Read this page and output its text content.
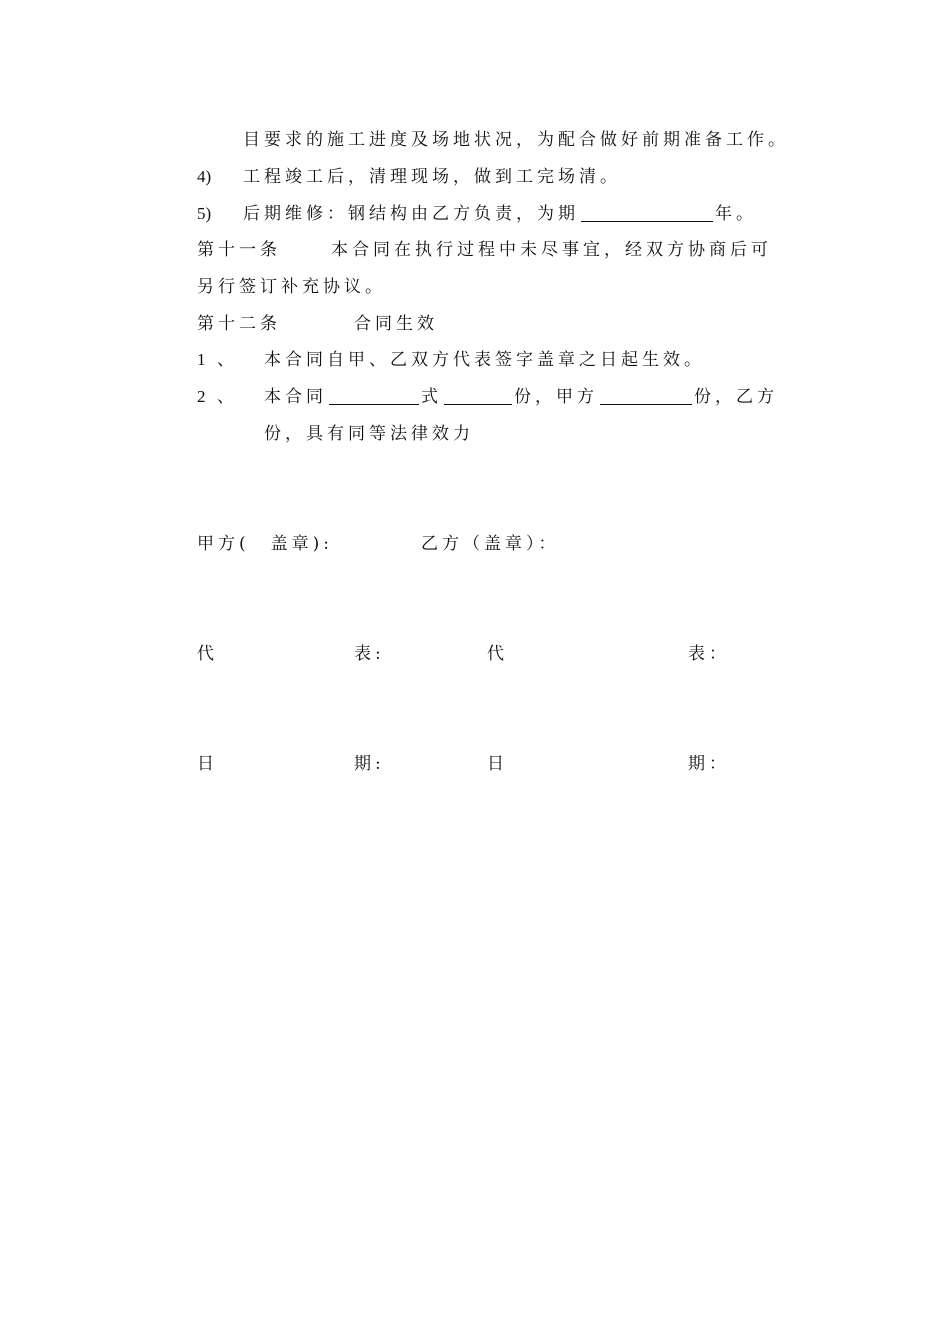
目要求的施工进度及场地状况，为配合做好前期准备工作。
4) 工程竣工后，清理现场，做到工完场清。
5) 后期维修：钢结构由乙方负责，为期	年。
第十一条	本合同在执行过程中未尽事宜，经双方协商后可
另行签订补充协议。
第十二条	合同生效
1 、 本合同自甲、乙双方代表签字盖章之日起生效。
2 、 本合同	式	份，甲方	份，乙方
份，具有同等法律效力
甲方(　盖章):	乙方（盖章）：
代	表:	代	表：
日	期:	日	期：
